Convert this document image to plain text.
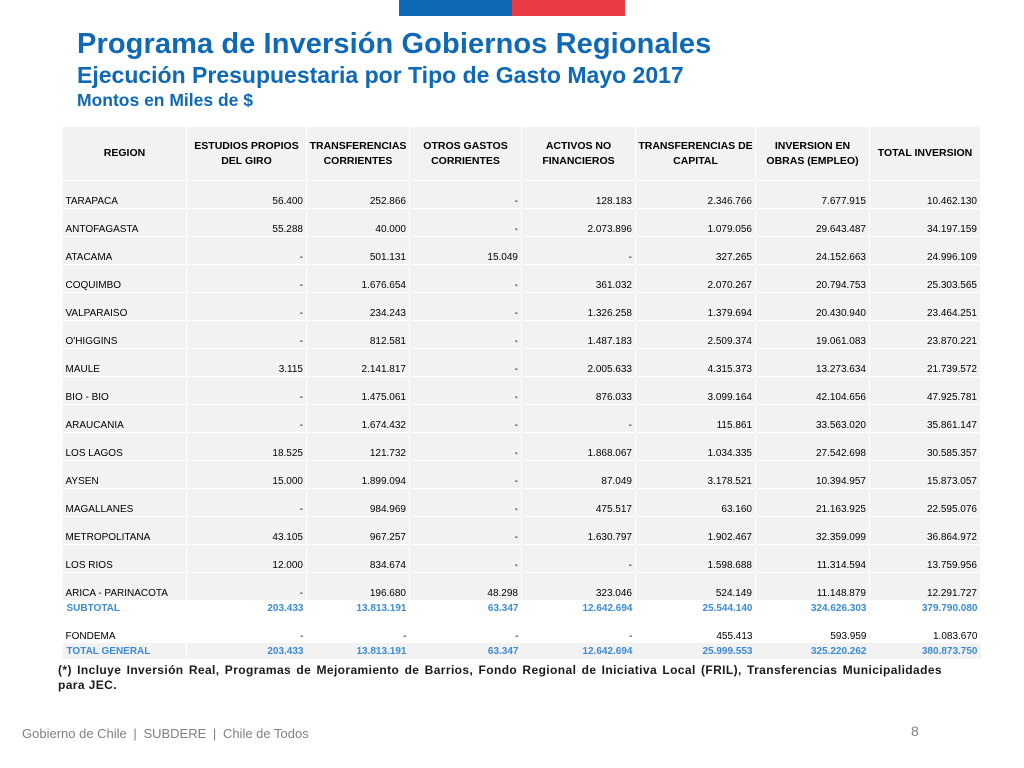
Programa de Inversión Gobiernos Regionales
Ejecución Presupuestaria por Tipo de Gasto Mayo 2017
Montos en Miles de $
REGION	ESTUDIOS PROPIOS DEL GIRO	TRANSFERENCIAS CORRIENTES	OTROS GASTOS CORRIENTES	ACTIVOS NO FINANCIEROS	TRANSFERENCIAS DE CAPITAL	INVERSION EN OBRAS (EMPLEO)	TOTAL INVERSION
TARAPACA	56.400	252.866	-	128.183	2.346.766	7.677.915	10.462.130
ANTOFAGASTA	55.288	40.000	-	2.073.896	1.079.056	29.643.487	34.197.159
ATACAMA	-	501.131	15.049	-	327.265	24.152.663	24.996.109
COQUIMBO	-	1.676.654	-	361.032	2.070.267	20.794.753	25.303.565
VALPARAISO	-	234.243	-	1.326.258	1.379.694	20.430.940	23.464.251
O'HIGGINS	-	812.581	-	1.487.183	2.509.374	19.061.083	23.870.221
MAULE	3.115	2.141.817	-	2.005.633	4.315.373	13.273.634	21.739.572
BIO - BIO	-	1.475.061	-	876.033	3.099.164	42.104.656	47.925.781
ARAUCANIA	-	1.674.432	-	-	115.861	33.563.020	35.861.147
LOS LAGOS	18.525	121.732	-	1.868.067	1.034.335	27.542.698	30.585.357
AYSEN	15.000	1.899.094	-	87.049	3.178.521	10.394.957	15.873.057
MAGALLANES	-	984.969	-	475.517	63.160	21.163.925	22.595.076
METROPOLITANA	43.105	967.257	-	1.630.797	1.902.467	32.359.099	36.864.972
LOS RIOS	12.000	834.674	-	-	1.598.688	11.314.594	13.759.956
ARICA - PARINACOTA	-	196.680	48.298	323.046	524.149	11.148.879	12.291.727
SUBTOTAL	203.433	13.813.191	63.347	12.642.694	25.544.140	324.626.303	379.790.080
FONDEMA	-	-	-	-	455.413	593.959	1.083.670
TOTAL GENERAL	203.433	13.813.191	63.347	12.642.694	25.999.553	325.220.262	380.873.750
(*) Incluye Inversión Real, Programas de Mejoramiento de Barrios, Fondo Regional de Iniciativa Local (FRIL), Transferencias Municipalidades para JEC.
Gobierno de Chile | SUBDERE | Chile de Todos	8
